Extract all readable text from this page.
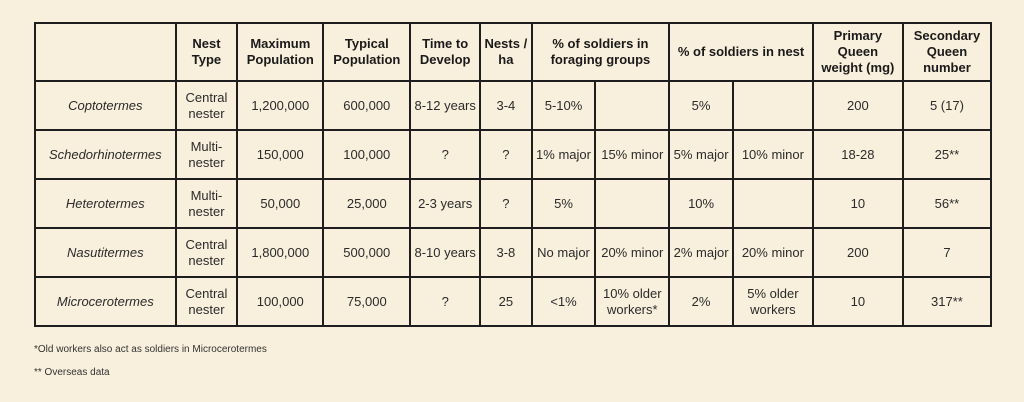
	Nest Type	Maximum Population	Typical Population	Time to Develop	Nests / ha	% of soldiers in foraging groups		% of soldiers in nest		Primary Queen weight (mg)	Secondary Queen number
Coptotermes	Central nester	1,200,000	600,000	8-12 years	3-4	5-10%		5%		200	5 (17)
Schedorhinotermes	Multi-nester	150,000	100,000	?	?	1% major	15% minor	5% major	10% minor	18-28	25**
Heterotermes	Multi-nester	50,000	25,000	2-3 years	?	5%		10%		10	56**
Nasutitermes	Central nester	1,800,000	500,000	8-10 years	3-8	No major	20% minor	2% major	20% minor	200	7
Microcerotermes	Central nester	100,000	75,000	?	25	<1%	10% older workers*	2%	5% older workers	10	317**
*Old workers also act as soldiers in Microcerotermes
** Overseas data
